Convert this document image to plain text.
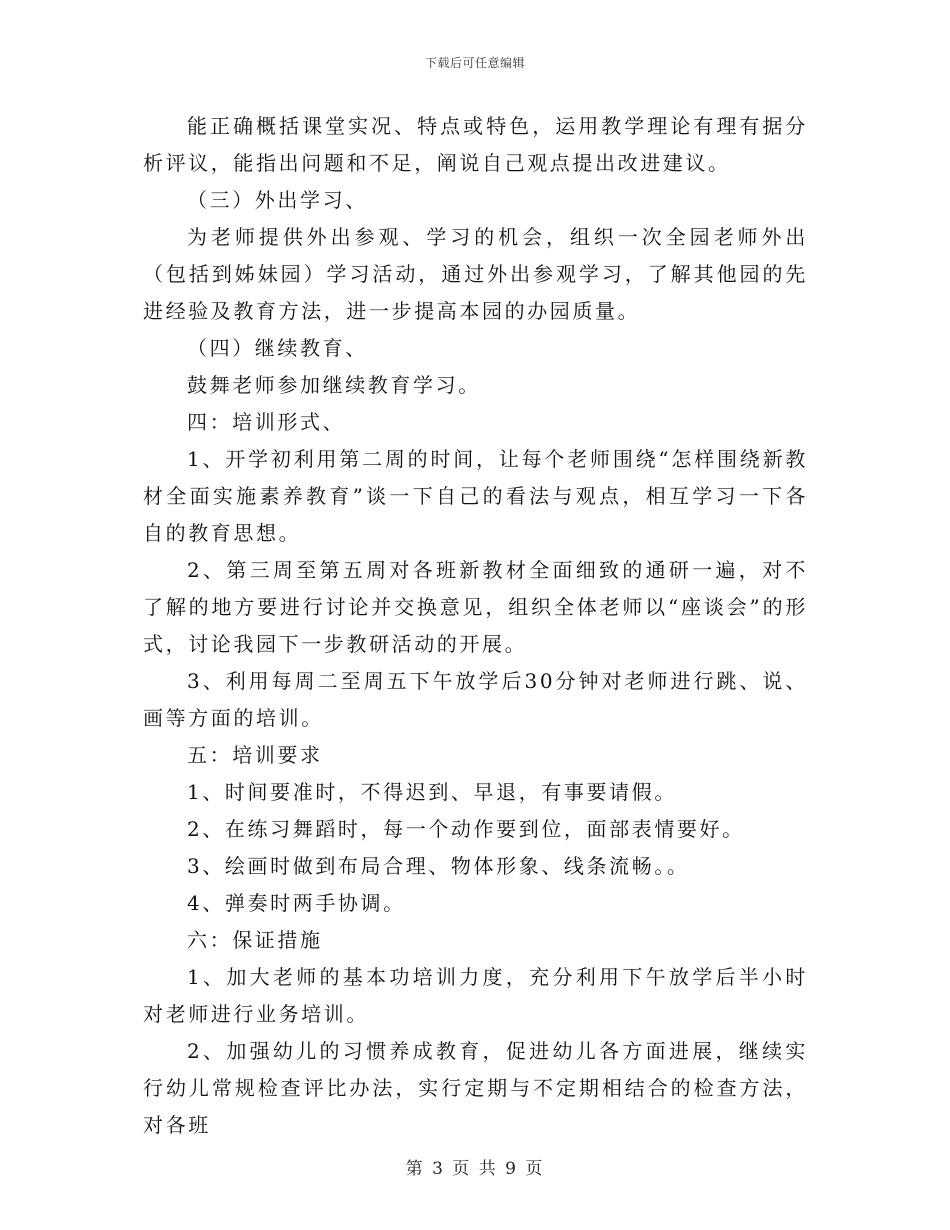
下载后可任意编辑

能正确概括课堂实况、特点或特色，运用教学理论有理有据分析评议，能指出问题和不足，阐说自己观点提出改进建议。

（三）外出学习、

为老师提供外出参观、学习的机会，组织一次全园老师外出（包括到姊妹园）学习活动，通过外出参观学习，了解其他园的先进经验及教育方法，进一步提高本园的办园质量。

（四）继续教育、

鼓舞老师参加继续教育学习。

四：培训形式、

1、开学初利用第二周的时间，让每个老师围绕“怎样围绕新教材全面实施素养教育”谈一下自己的看法与观点，相互学习一下各自的教育思想。

2、第三周至第五周对各班新教材全面细致的通研一遍，对不了解的地方要进行讨论并交换意见，组织全体老师以“座谈会”的形式，讨论我园下一步教研活动的开展。

3、利用每周二至周五下午放学后30分钟对老师进行跳、说、画等方面的培训。

五：培训要求

1、时间要准时，不得迟到、早退，有事要请假。

2、在练习舞蹈时，每一个动作要到位，面部表情要好。

3、绘画时做到布局合理、物体形象、线条流畅。。

4、弹奏时两手协调。

六：保证措施

1、加大老师的基本功培训力度，充分利用下午放学后半小时对老师进行业务培训。

2、加强幼儿的习惯养成教育，促进幼儿各方面进展，继续实行幼儿常规检查评比办法，实行定期与不定期相结合的检查方法，对各班

第 3 页 共 9 页
